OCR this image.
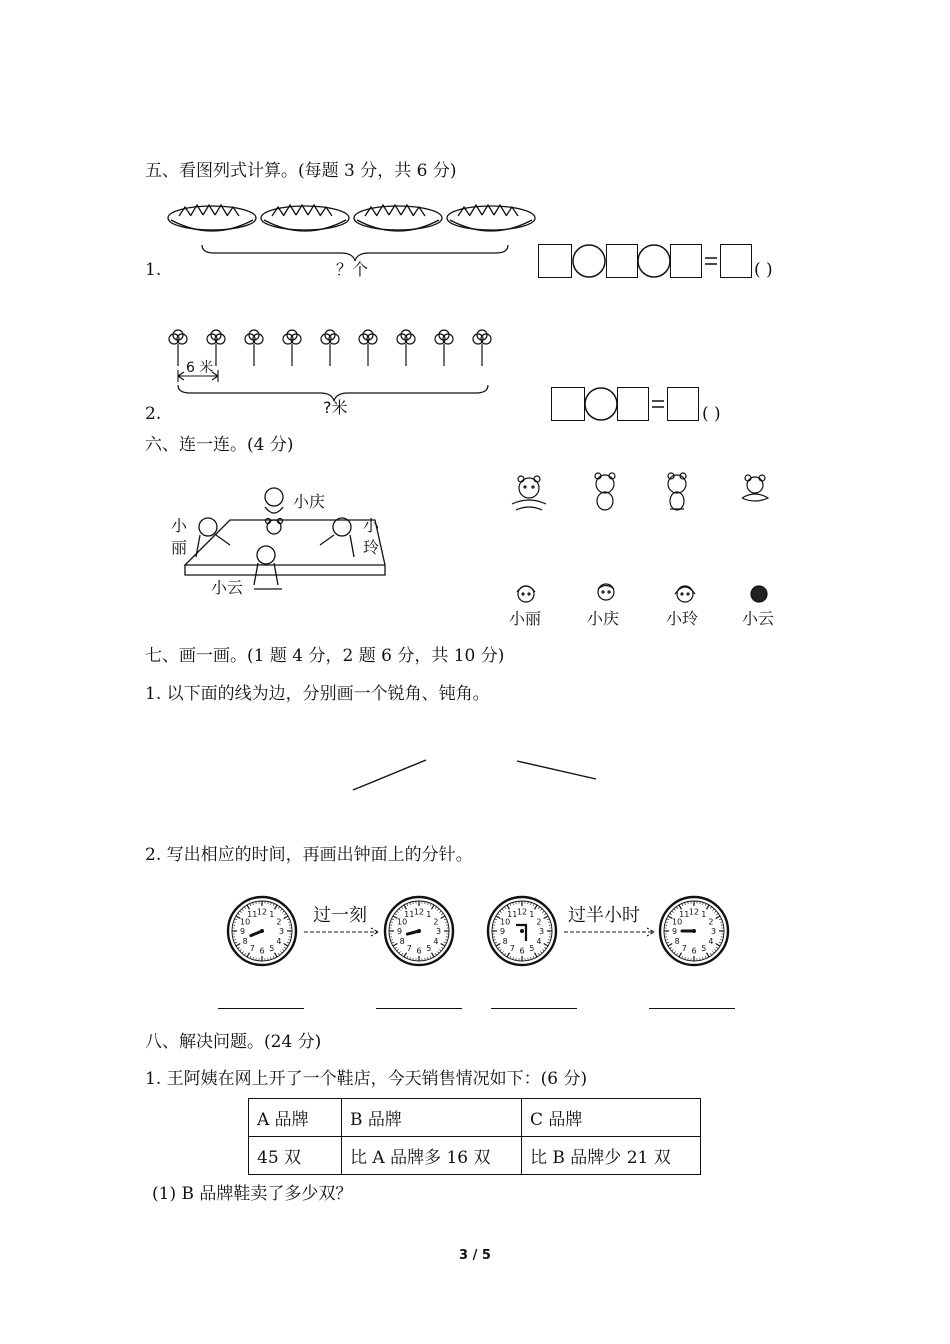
五、看图列式计算。(每题 3 分，共 6 分)
1.	？个	( )
6 米
2.	?米	( )
六、连一连。(4 分)
小庆
小
丽
小
玲
小云
小丽	小庆	小玲	小云
七、画一画。(1 题 4 分，2 题 6 分，共 10 分)
1. 以下面的线为边，分别画一个锐角、钝角。
2. 写出相应的时间，再画出钟面上的分针。
12 1
2
3
4
5
6
7
8
9
10
11	12 1
2
3
4
5
6
7
8
9
10
11	12 1
2
3
4
5
6
7
8
9
10
11	12 1
2
3
4
5
6
7
8
9
10
11
过一刻	过半小时
八、解决问题。(24 分)
1. 王阿姨在网上开了一个鞋店，今天销售情况如下：(6 分)
A 品牌	B 品牌	C 品牌
45 双	比 A 品牌多 16 双	比 B 品牌少 21 双
(1) B 品牌鞋卖了多少双？
3 / 5
